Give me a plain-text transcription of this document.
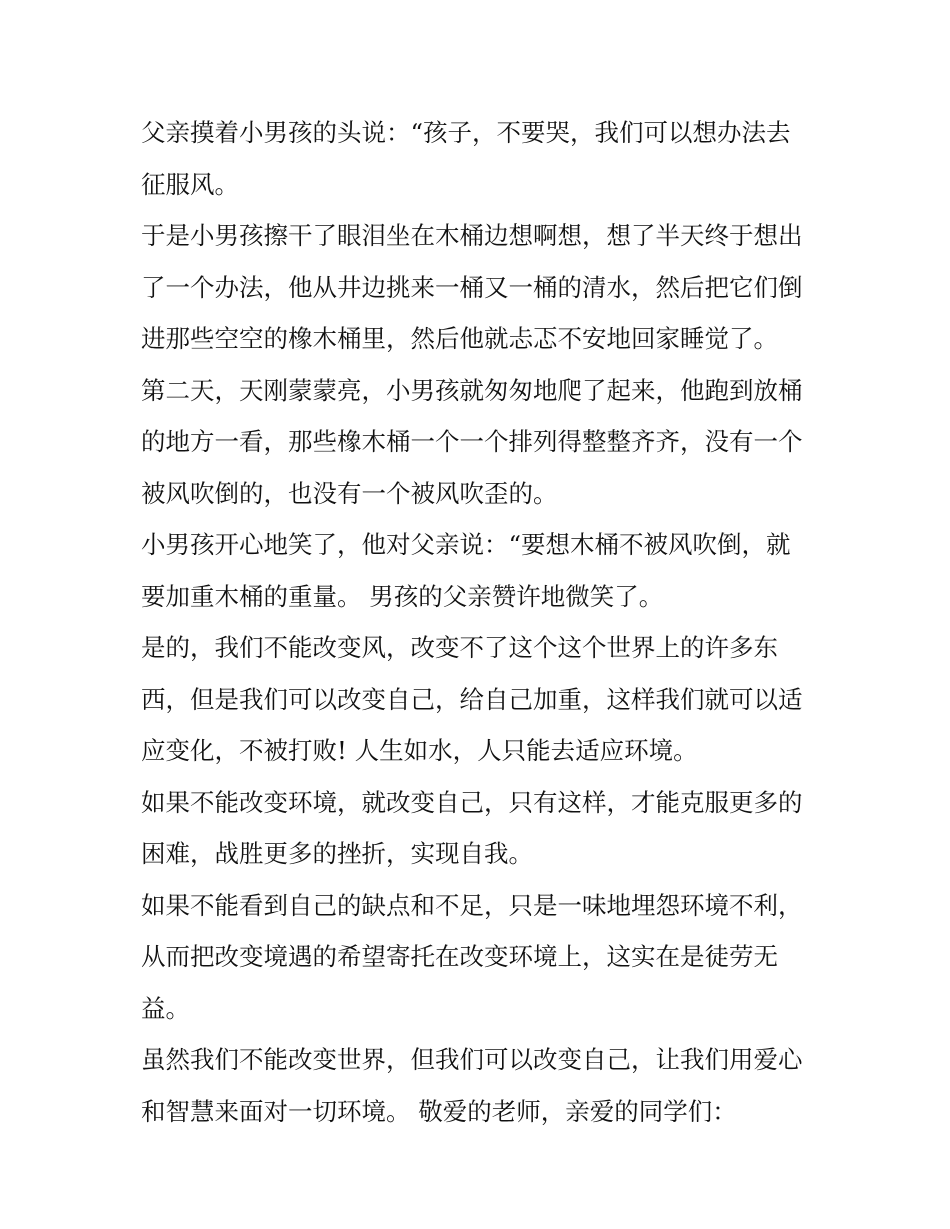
父亲摸着小男孩的头说：“孩子，不要哭，我们可以想办法去
征服风。

于是小男孩擦干了眼泪坐在木桶边想啊想，想了半天终于想出
了一个办法，他从井边挑来一桶又一桶的清水，然后把它们倒
进那些空空的橡木桶里，然后他就忐忑不安地回家睡觉了。

第二天，天刚蒙蒙亮，小男孩就匆匆地爬了起来，他跑到放桶
的地方一看，那些橡木桶一个一个排列得整整齐齐，没有一个
被风吹倒的，也没有一个被风吹歪的。

小男孩开心地笑了，他对父亲说：“要想木桶不被风吹倒，就
要加重木桶的重量。 男孩的父亲赞许地微笑了。

是的，我们不能改变风，改变不了这个这个世界上的许多东
西，但是我们可以改变自己，给自己加重，这样我们就可以适
应变化，不被打败! 人生如水，人只能去适应环境。

如果不能改变环境，就改变自己，只有这样，才能克服更多的
困难，战胜更多的挫折，实现自我。

如果不能看到自己的缺点和不足，只是一味地埋怨环境不利，
从而把改变境遇的希望寄托在改变环境上，这实在是徒劳无
益。

虽然我们不能改变世界，但我们可以改变自己，让我们用爱心
和智慧来面对一切环境。 敬爱的老师，亲爱的同学们：
